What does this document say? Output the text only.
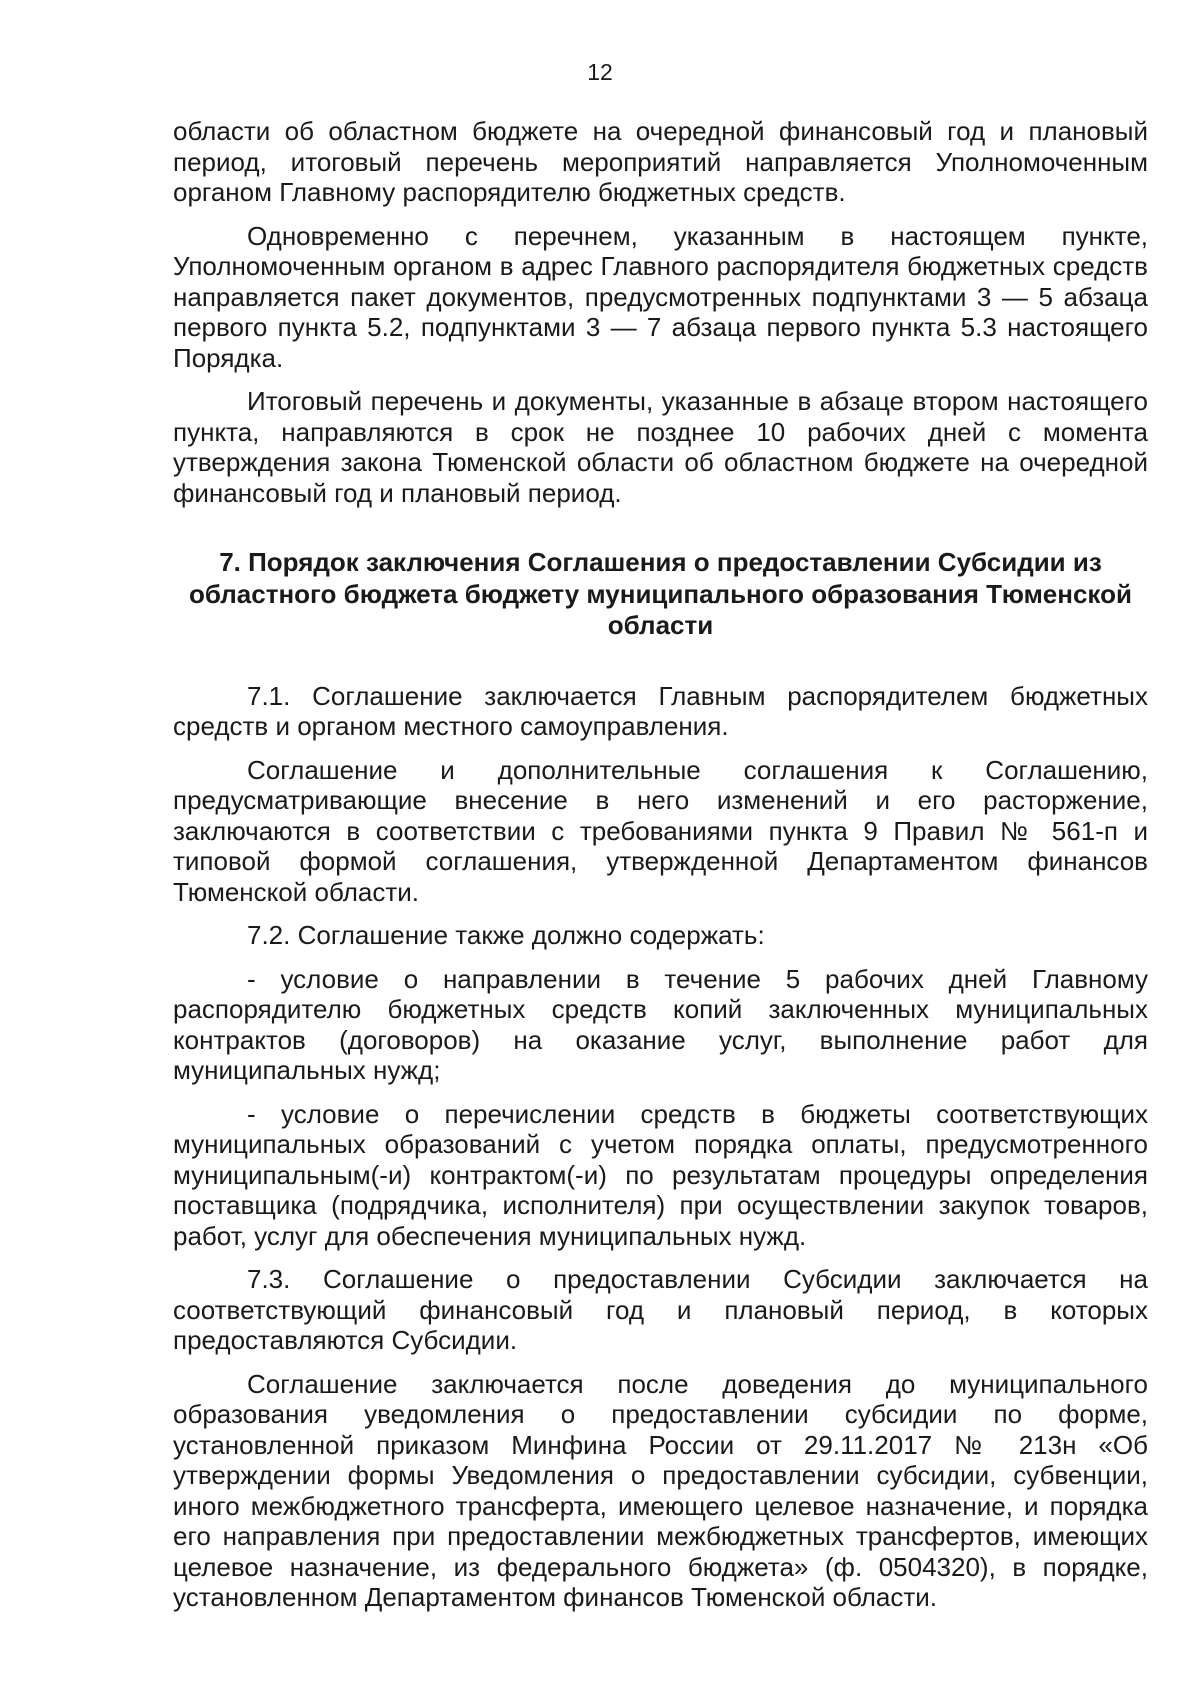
12

области об областном бюджете на очередной финансовый год и плановый период, итоговый перечень мероприятий направляется Уполномоченным органом Главному распорядителю бюджетных средств.

Одновременно с перечнем, указанным в настоящем пункте, Уполномоченным органом в адрес Главного распорядителя бюджетных средств направляется пакет документов, предусмотренных подпунктами 3 — 5 абзаца первого пункта 5.2, подпунктами 3 — 7 абзаца первого пункта 5.3 настоящего Порядка.

Итоговый перечень и документы, указанные в абзаце втором настоящего пункта, направляются в срок не позднее 10 рабочих дней с момента утверждения закона Тюменской области об областном бюджете на очередной финансовый год и плановый период.

7. Порядок заключения Соглашения о предоставлении Субсидии из областного бюджета бюджету муниципального образования Тюменской области

7.1. Соглашение заключается Главным распорядителем бюджетных средств и органом местного самоуправления.

Соглашение и дополнительные соглашения к Соглашению, предусматривающие внесение в него изменений и его расторжение, заключаются в соответствии с требованиями пункта 9 Правил № 561-п и типовой формой соглашения, утвержденной Департаментом финансов Тюменской области.

7.2. Соглашение также должно содержать:

- условие о направлении в течение 5 рабочих дней Главному распорядителю бюджетных средств копий заключенных муниципальных контрактов (договоров) на оказание услуг, выполнение работ для муниципальных нужд;

- условие о перечислении средств в бюджеты соответствующих муниципальных образований с учетом порядка оплаты, предусмотренного муниципальным(-и) контрактом(-и) по результатам процедуры определения поставщика (подрядчика, исполнителя) при осуществлении закупок товаров, работ, услуг для обеспечения муниципальных нужд.

7.3. Соглашение о предоставлении Субсидии заключается на соответствующий финансовый год и плановый период, в которых предоставляются Субсидии.

Соглашение заключается после доведения до муниципального образования уведомления о предоставлении субсидии по форме, установленной приказом Минфина России от 29.11.2017 № 213н «Об утверждении формы Уведомления о предоставлении субсидии, субвенции, иного межбюджетного трансферта, имеющего целевое назначение, и порядка его направления при предоставлении межбюджетных трансфертов, имеющих целевое назначение, из федерального бюджета» (ф. 0504320), в порядке, установленном Департаментом финансов Тюменской области.
